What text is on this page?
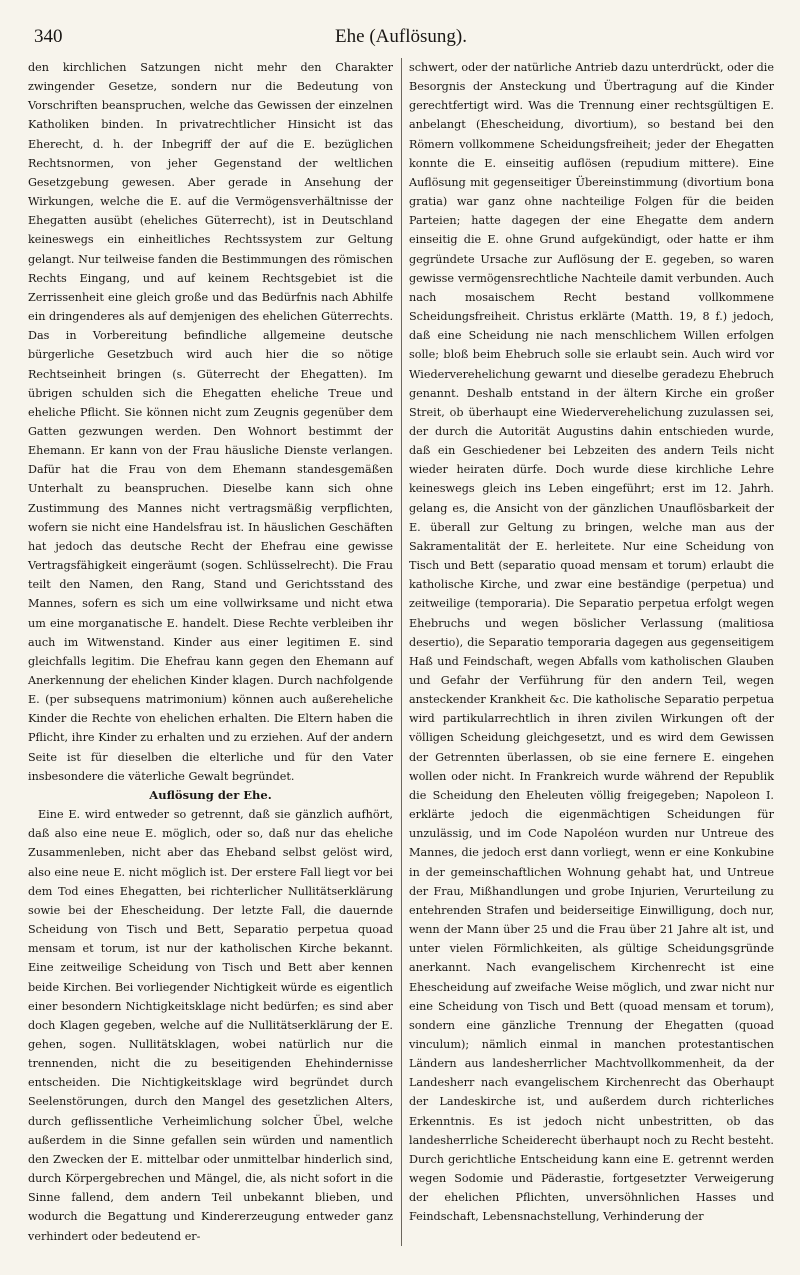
340	Ehe (Auflösung).

den kirchlichen Satzungen nicht mehr den Charakter zwingender Gesetze, sondern nur die Bedeutung von Vorschriften beanspruchen, welche das Gewissen der einzelnen Katholiken binden. In privatrechtlicher Hinsicht ist das Eherecht, d. h. der Inbegriff der auf die E. bezüglichen Rechtsnormen, von jeher Gegenstand der weltlichen Gesetzgebung gewesen. Aber gerade in Ansehung der Wirkungen, welche die E. auf die Vermögensverhältnisse der Ehegatten ausübt (eheliches Güterrecht), ist in Deutschland keineswegs ein einheitliches Rechtssystem zur Geltung gelangt. Nur teilweise fanden die Bestimmungen des römischen Rechts Eingang, und auf keinem Rechtsgebiet ist die Zerrissenheit eine gleich große und das Bedürfnis nach Abhilfe ein dringenderes als auf demjenigen des ehelichen Güterrechts. Das in Vorbereitung befindliche allgemeine deutsche bürgerliche Gesetzbuch wird auch hier die so nötige Rechtseinheit bringen (s. Güterrecht der Ehegatten). Im übrigen schulden sich die Ehegatten eheliche Treue und eheliche Pflicht. Sie können nicht zum Zeugnis gegenüber dem Gatten gezwungen werden. Den Wohnort bestimmt der Ehemann. Er kann von der Frau häusliche Dienste verlangen. Dafür hat die Frau von dem Ehemann standesgemäßen Unterhalt zu beanspruchen. Dieselbe kann sich ohne Zustimmung des Mannes nicht vertragsmäßig verpflichten, wofern sie nicht eine Handelsfrau ist. In häuslichen Geschäften hat jedoch das deutsche Recht der Ehefrau eine gewisse Vertragsfähigkeit eingeräumt (sogen. Schlüsselrecht). Die Frau teilt den Namen, den Rang, Stand und Gerichtsstand des Mannes, sofern es sich um eine vollwirksame und nicht etwa um eine morganatische E. handelt. Diese Rechte verbleiben ihr auch im Witwenstand. Kinder aus einer legitimen E. sind gleichfalls legitim. Die Ehefrau kann gegen den Ehemann auf Anerkennung der ehelichen Kinder klagen. Durch nachfolgende E. (per subsequens matrimonium) können auch außereheliche Kinder die Rechte von ehelichen erhalten. Die Eltern haben die Pflicht, ihre Kinder zu erhalten und zu erziehen. Auf der andern Seite ist für dieselben die elterliche und für den Vater insbesondere die väterliche Gewalt begründet.

Auflösung der Ehe.

Eine E. wird entweder so getrennt, daß sie gänzlich aufhört, daß also eine neue E. möglich, oder so, daß nur das eheliche Zusammenleben, nicht aber das Eheband selbst gelöst wird, also eine neue E. nicht möglich ist. Der erstere Fall liegt vor bei dem Tod eines Ehegatten, bei richterlicher Nullitätserklärung sowie bei der Ehescheidung. Der letzte Fall, die dauernde Scheidung von Tisch und Bett, Separatio perpetua quoad mensam et torum, ist nur der katholischen Kirche bekannt. Eine zeitweilige Scheidung von Tisch und Bett aber kennen beide Kirchen. Bei vorliegender Nichtigkeit würde es eigentlich einer besondern Nichtigkeitsklage nicht bedürfen; es sind aber doch Klagen gegeben, welche auf die Nullitätserklärung der E. gehen, sogen. Nullitätsklagen, wobei natürlich nur die trennenden, nicht die zu beseitigenden Ehehindernisse entscheiden. Die Nichtigkeitsklage wird begründet durch Seelenstörungen, durch den Mangel des gesetzlichen Alters, durch geflissentliche Verheimlichung solcher Übel, welche außerdem in die Sinne gefallen sein würden und namentlich den Zwecken der E. mittelbar oder unmittelbar hinderlich sind, durch Körpergebrechen und Mängel, die, als nicht sofort in die Sinne fallend, dem andern Teil unbekannt blieben, und wodurch die Begattung und Kindererzeugung entweder ganz verhindert oder bedeutend er-

schwert, oder der natürliche Antrieb dazu unterdrückt, oder die Besorgnis der Ansteckung und Übertragung auf die Kinder gerechtfertigt wird. Was die Trennung einer rechtsgültigen E. anbelangt (Ehescheidung, divortium), so bestand bei den Römern vollkommene Scheidungsfreiheit; jeder der Ehegatten konnte die E. einseitig auflösen (repudium mittere). Eine Auflösung mit gegenseitiger Übereinstimmung (divortium bona gratia) war ganz ohne nachteilige Folgen für die beiden Parteien; hatte dagegen der eine Ehegatte dem andern einseitig die E. ohne Grund aufgekündigt, oder hatte er ihm gegründete Ursache zur Auflösung der E. gegeben, so waren gewisse vermögensrechtliche Nachteile damit verbunden. Auch nach mosaischem Recht bestand vollkommene Scheidungsfreiheit. Christus erklärte (Matth. 19, 8 f.) jedoch, daß eine Scheidung nie nach menschlichem Willen erfolgen solle; bloß beim Ehebruch solle sie erlaubt sein. Auch wird vor Wiederverehelichung gewarnt und dieselbe geradezu Ehebruch genannt. Deshalb entstand in der ältern Kirche ein großer Streit, ob überhaupt eine Wiederverehelichung zuzulassen sei, der durch die Autorität Augustins dahin entschieden wurde, daß ein Geschiedener bei Lebzeiten des andern Teils nicht wieder heiraten dürfe. Doch wurde diese kirchliche Lehre keineswegs gleich ins Leben eingeführt; erst im 12. Jahrh. gelang es, die Ansicht von der gänzlichen Unauflösbarkeit der E. überall zur Geltung zu bringen, welche man aus der Sakramentalität der E. herleitete. Nur eine Scheidung von Tisch und Bett (separatio quoad mensam et torum) erlaubt die katholische Kirche, und zwar eine beständige (perpetua) und zeitweilige (temporaria). Die Separatio perpetua erfolgt wegen Ehebruchs und wegen böslicher Verlassung (malitiosa desertio), die Separatio temporaria dagegen aus gegenseitigem Haß und Feindschaft, wegen Abfalls vom katholischen Glauben und Gefahr der Verführung für den andern Teil, wegen ansteckender Krankheit &c. Die katholische Separatio perpetua wird partikularrechtlich in ihren zivilen Wirkungen oft der völligen Scheidung gleichgesetzt, und es wird dem Gewissen der Getrennten überlassen, ob sie eine fernere E. eingehen wollen oder nicht. In Frankreich wurde während der Republik die Scheidung den Eheleuten völlig freigegeben; Napoleon I. erklärte jedoch die eigenmächtigen Scheidungen für unzulässig, und im Code Napoléon wurden nur Untreue des Mannes, die jedoch erst dann vorliegt, wenn er eine Konkubine in der gemeinschaftlichen Wohnung gehabt hat, und Untreue der Frau, Mißhandlungen und grobe Injurien, Verurteilung zu entehrenden Strafen und beiderseitige Einwilligung, doch nur, wenn der Mann über 25 und die Frau über 21 Jahre alt ist, und unter vielen Förmlichkeiten, als gültige Scheidungsgründe anerkannt. Nach evangelischem Kirchenrecht ist eine Ehescheidung auf zweifache Weise möglich, und zwar nicht nur eine Scheidung von Tisch und Bett (quoad mensam et torum), sondern eine gänzliche Trennung der Ehegatten (quoad vinculum); nämlich einmal in manchen protestantischen Ländern aus landesherrlicher Machtvollkommenheit, da der Landesherr nach evangelischem Kirchenrecht das Oberhaupt der Landeskirche ist, und außerdem durch richterliches Erkenntnis. Es ist jedoch nicht unbestritten, ob das landesherrliche Scheiderecht überhaupt noch zu Recht besteht. Durch gerichtliche Entscheidung kann eine E. getrennt werden wegen Sodomie und Päderastie, fortgesetzter Verweigerung der ehelichen Pflichten, unversöhnlichen Hasses und Feindschaft, Lebensnachstellung, Verhinderung der
